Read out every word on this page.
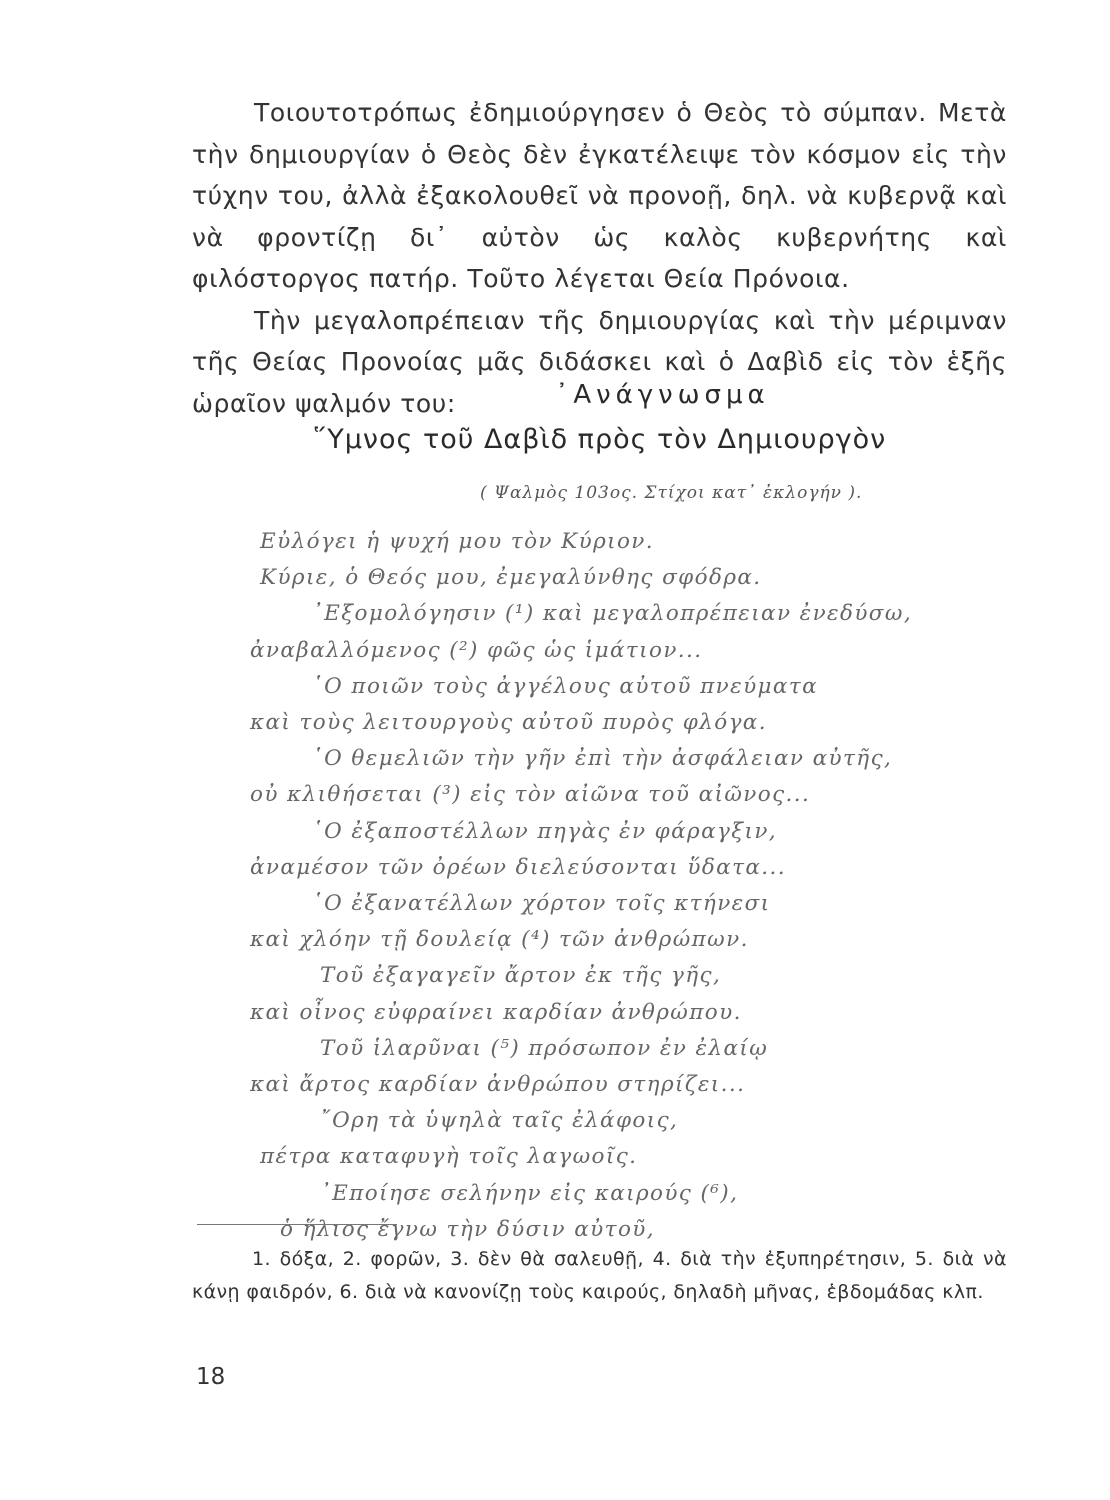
Τοιουτοτρόπως ἐδημιούργησεν ὁ Θεὸς τὸ σύμπαν. Μετὰ τὴν δημιουργίαν ὁ Θεὸς δὲν ἐγκατέλειψε τὸν κόσμον εἰς τὴν τύχην του, ἀλλὰ ἐξακολουθεῖ νὰ προνοῇ, δηλ. νὰ κυβερνᾷ καὶ νὰ φροντίζῃ δι᾿ αὐτὸν ὡς καλὸς κυβερνήτης καὶ φιλόστοργος πατήρ. Τοῦτο λέγεται Θεία Πρόνοια.

Τὴν μεγαλοπρέπειαν τῆς δημιουργίας καὶ τὴν μέριμναν τῆς Θείας Προνοίας μᾶς διδάσκει καὶ ὁ Δαβὶδ εἰς τὸν ἑξῆς ὡραῖον ψαλμόν του:	᾿Ανάγνωσμα
῞Υμνος τοῦ Δαβὶδ πρὸς τὸν Δημιουργὸν
( Ψαλμὸς 103ος. Στίχοι κατ᾿ ἐκλογήν ).
Εὐλόγει ἡ ψυχή μου τὸν Κύριον.
Κύριε, ὁ Θεός μου, ἐμεγαλύνθης σφόδρα.
᾿Εξομολόγησιν (¹) καὶ μεγαλοπρέπειαν ἐνεδύσω,
ἀναβαλλόμενος (²) φῶς ὡς ἱμάτιον...
῾Ο ποιῶν τοὺς ἀγγέλους αὐτοῦ πνεύματα
καὶ τοὺς λειτουργοὺς αὐτοῦ πυρὸς φλόγα.
῾Ο θεμελιῶν τὴν γῆν ἐπὶ τὴν ἀσφάλειαν αὐτῆς,
οὐ κλιθήσεται (³) εἰς τὸν αἰῶνα τοῦ αἰῶνος...
῾Ο ἐξαποστέλλων πηγὰς ἐν φάραγξιν,
ἀναμέσον τῶν ὀρέων διελεύσονται ὕδατα...
῾Ο ἐξανατέλλων χόρτον τοῖς κτήνεσι
καὶ χλόην τῇ δουλείᾳ (⁴) τῶν ἀνθρώπων.
Τοῦ ἐξαγαγεῖν ἄρτον ἐκ τῆς γῆς,
καὶ οἶνος εὐφραίνει καρδίαν ἀνθρώπου.
Τοῦ ἱλαρῦναι (⁵) πρόσωπον ἐν ἐλαίῳ
καὶ ἄρτος καρδίαν ἀνθρώπου στηρίζει...
῎Ορη τὰ ὑψηλὰ ταῖς ἐλάφοις,
πέτρα καταφυγὴ τοῖς λαγωοῖς.
᾿Εποίησε σελήνην εἰς καιρούς (⁶),
ὁ ἥλιος ἔγνω τὴν δύσιν αὐτοῦ,

1. δόξα, 2. φορῶν, 3. δὲν θὰ σαλευθῇ, 4. διὰ τὴν ἐξυπηρέτησιν, 5. διὰ νὰ κάνῃ φαιδρόν, 6. διὰ νὰ κανονίζῃ τοὺς καιρούς, δηλαδὴ μῆνας, ἑβδομάδας κλπ.

18
